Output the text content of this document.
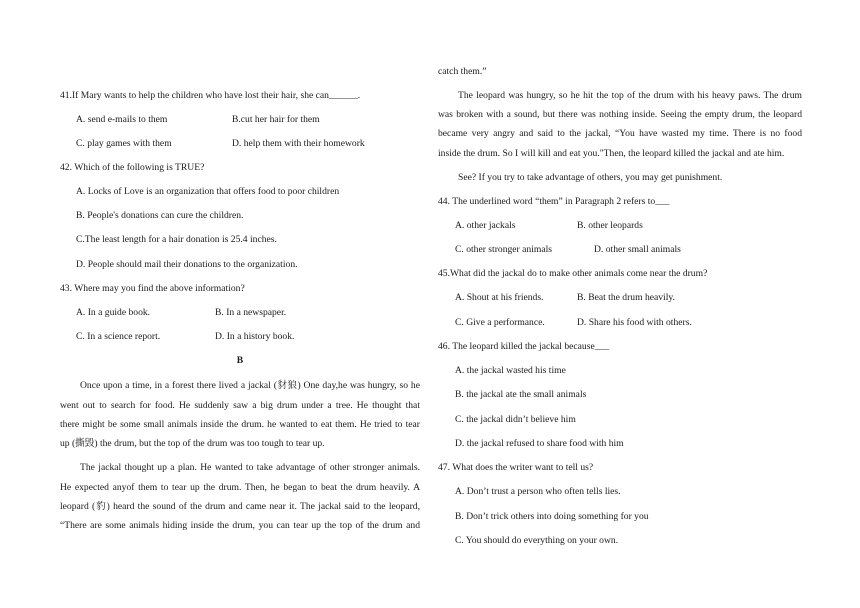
41.If Mary wants to help the children who have lost their hair, she can______.
A. send e-mails to them	B.cut her hair for them
C. play games with them	D. help them with their homework
42. Which of the following is TRUE?
A. Locks of Love is an organization that offers food to poor children
B. People's donations can cure the children.
C.The least length for a hair donation is 25.4 inches.
D. People should mail their donations to the organization.
43. Where may you find the above information?
A. In a guide book.	B. In a newspaper.
C. In a science report.	D. In a history book.
B
Once upon a time, in a forest there lived a jackal (豺狼) One day,he was hungry, so he
went out to search for food. He suddenly saw a big drum under a tree. He thought that
there might be some small animals inside the drum. he wanted to eat them. He tried to tear
up (撕毁) the drum, but the top of the drum was too tough to tear up.
The jackal thought up a plan. He wanted to take advantage of other stronger animals.
He expected anyof them to tear up the drum. Then, he began to beat the drum heavily. A
leopard (豹) heard the sound of the drum and came near it. The jackal said to the leopard,
“There are some animals hiding inside the drum, you can tear up the top of the drum and
catch them.”
The leopard was hungry, so he hit the top of the drum with his heavy paws. The drum
was broken with a sound, but there was nothing inside. Seeing the empty drum, the leopard
became very angry and said to the jackal, “You have wasted my time. There is no food
inside the drum. So I will kill and eat you."Then, the leopard killed the jackal and ate him.
See? If you try to take advantage of others, you may get punishment.
44. The underlined word “them” in Paragraph 2 refers to___
A. other jackals	B. other leopards
C. other stronger animals	D. other small animals
45.What did the jackal do to make other animals come near the drum?
A. Shout at his friends.	B. Beat the drum heavily.
C. Give a performance.	D. Share his food with others.
46. The leopard killed the jackal because___
A. the jackal wasted his time
B. the jackal ate the small animals
C. the jackal didn’t believe him
D. the jackal refused to share food with him
47. What does the writer want to tell us?
A. Don’t trust a person who often tells lies.
B. Don’t trick others into doing something for you
C. You should do everything on your own.
